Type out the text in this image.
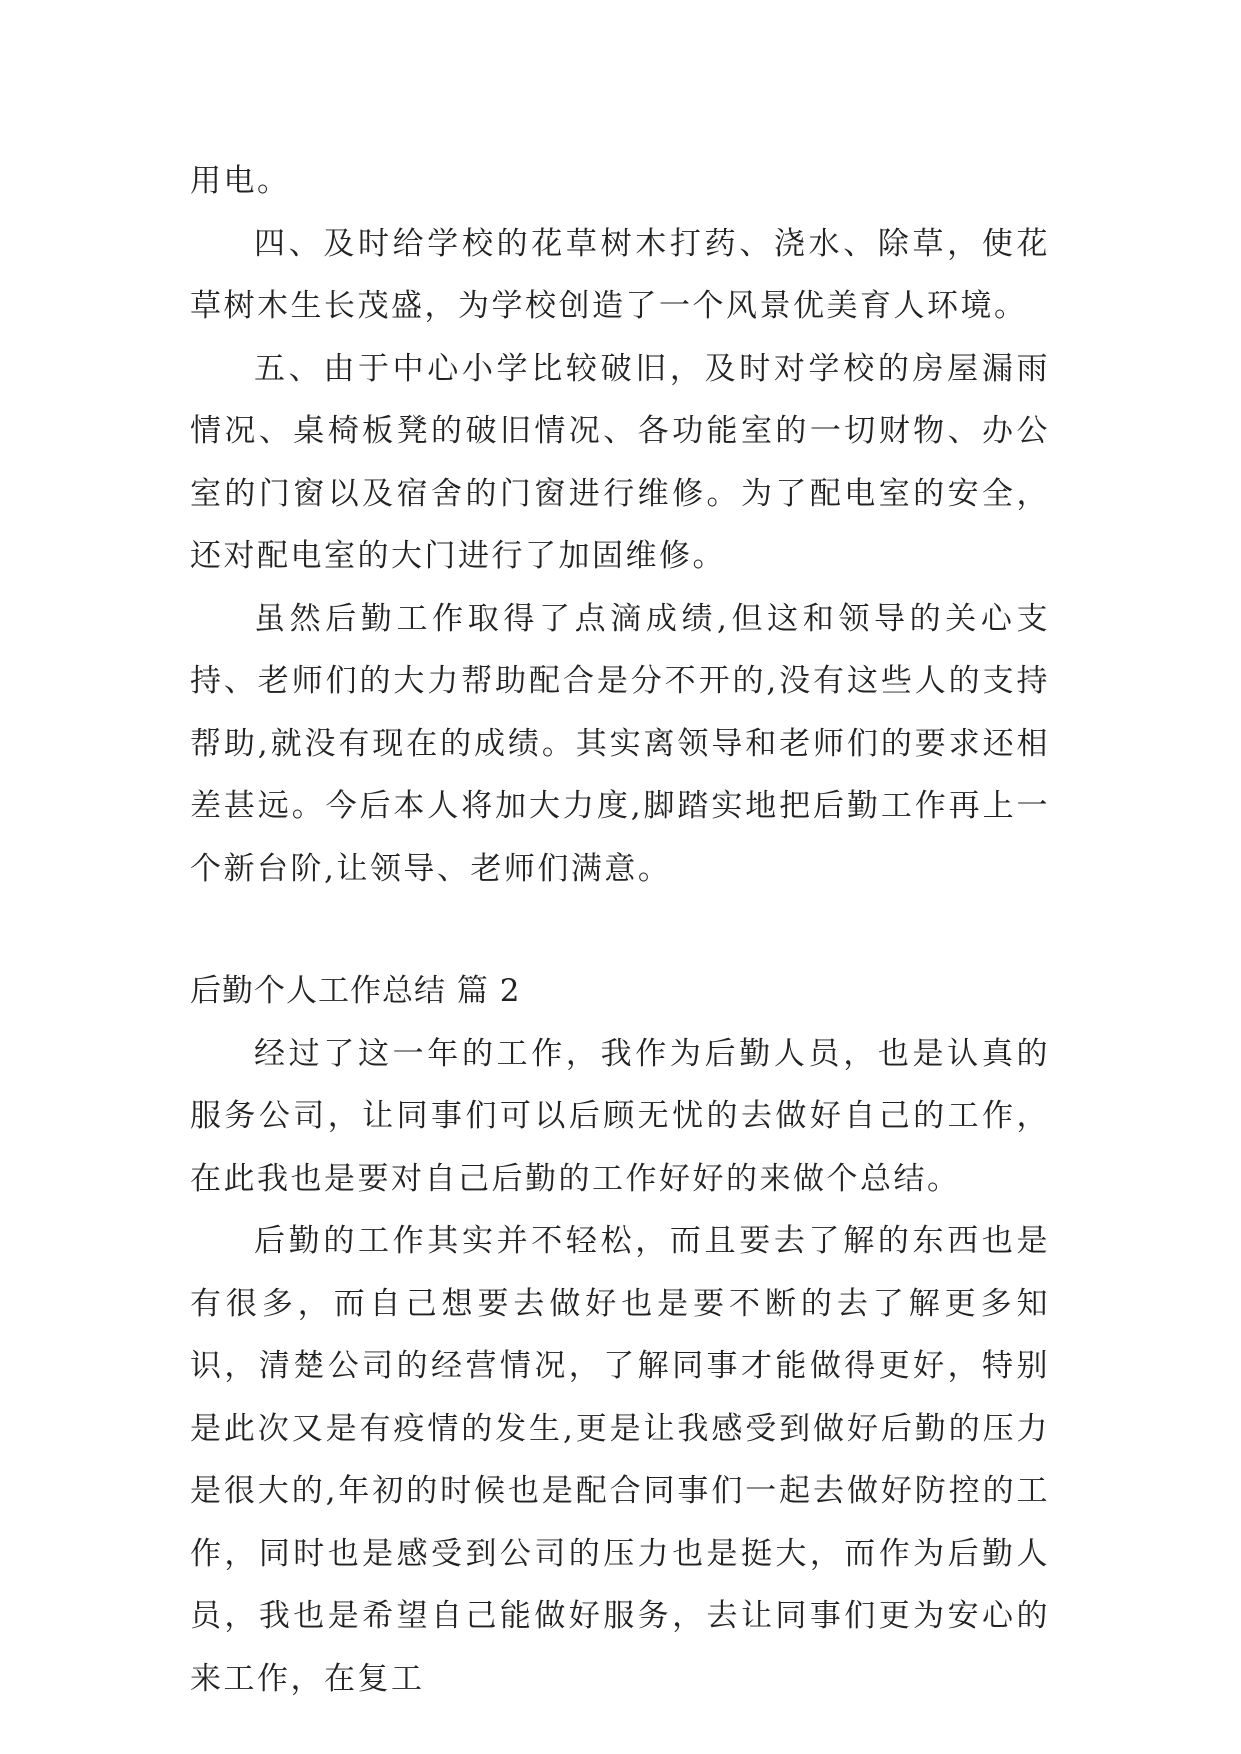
用电。

四、及时给学校的花草树木打药、浇水、除草，使花草树木生长茂盛，为学校创造了一个风景优美育人环境。

五、由于中心小学比较破旧，及时对学校的房屋漏雨情况、桌椅板凳的破旧情况、各功能室的一切财物、办公室的门窗以及宿舍的门窗进行维修。为了配电室的安全，还对配电室的大门进行了加固维修。

虽然后勤工作取得了点滴成绩,但这和领导的关心支持、老师们的大力帮助配合是分不开的,没有这些人的支持帮助,就没有现在的成绩。其实离领导和老师们的要求还相差甚远。今后本人将加大力度,脚踏实地把后勤工作再上一个新台阶,让领导、老师们满意。

后勤个人工作总结 篇 2

经过了这一年的工作，我作为后勤人员，也是认真的服务公司，让同事们可以后顾无忧的去做好自己的工作，在此我也是要对自己后勤的工作好好的来做个总结。

后勤的工作其实并不轻松，而且要去了解的东西也是有很多，而自己想要去做好也是要不断的去了解更多知识，清楚公司的经营情况，了解同事才能做得更好，特别是此次又是有疫情的发生,更是让我感受到做好后勤的压力是很大的,年初的时候也是配合同事们一起去做好防控的工作，同时也是感受到公司的压力也是挺大，而作为后勤人员，我也是希望自己能做好服务，去让同事们更为安心的来工作，在复工
